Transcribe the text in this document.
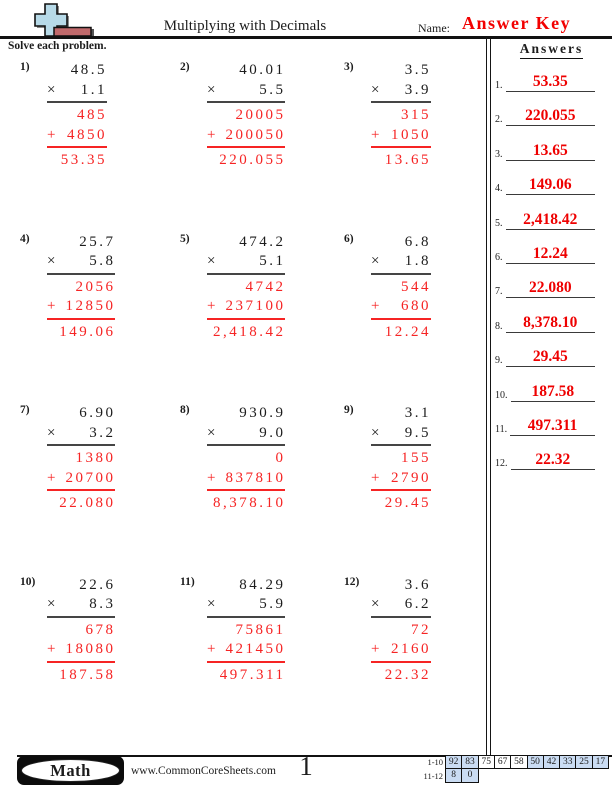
Multiplying with Decimals	Name: Answer Key
Solve each problem.
1)	48.5
× 1.1
485
+ 4850
53.35
2)	40.01
×	5.5
20005
+ 200050
220.055
3)	3.5
× 3.9
315
+ 1050
13.65
4)	25.7
× 5.8
2056
+ 12850
149.06
5)	474.2
×	5.1
4742
+ 237100
2,418.42
6)	6.8
× 1.8
544
+ 680
12.24
7)	6.90
× 3.2
1380
+ 20700
22.080
8)	930.9
×	9.0
0
+ 837810
8,378.10
9)	3.1
× 9.5
155
+ 2790
29.45
10)	22.6
× 8.3
678
+ 18080
187.58
11)	84.29
×	5.9
75861
+ 421450
497.311
12)	3.6
× 6.2
72
+ 2160
22.32
Answers
1.	53.35
2.	220.055
3.	13.65
4.	149.06
5.	2,418.42
6.	12.24
7.	22.080
8.	8,378.10
9.	29.45
10.	187.58
11.	497.311
12.	22.32
Math	www.CommonCoreSheets.com 1	1-10 92 83 75 67 58 50 42 33 25 17
11-12 8	0
